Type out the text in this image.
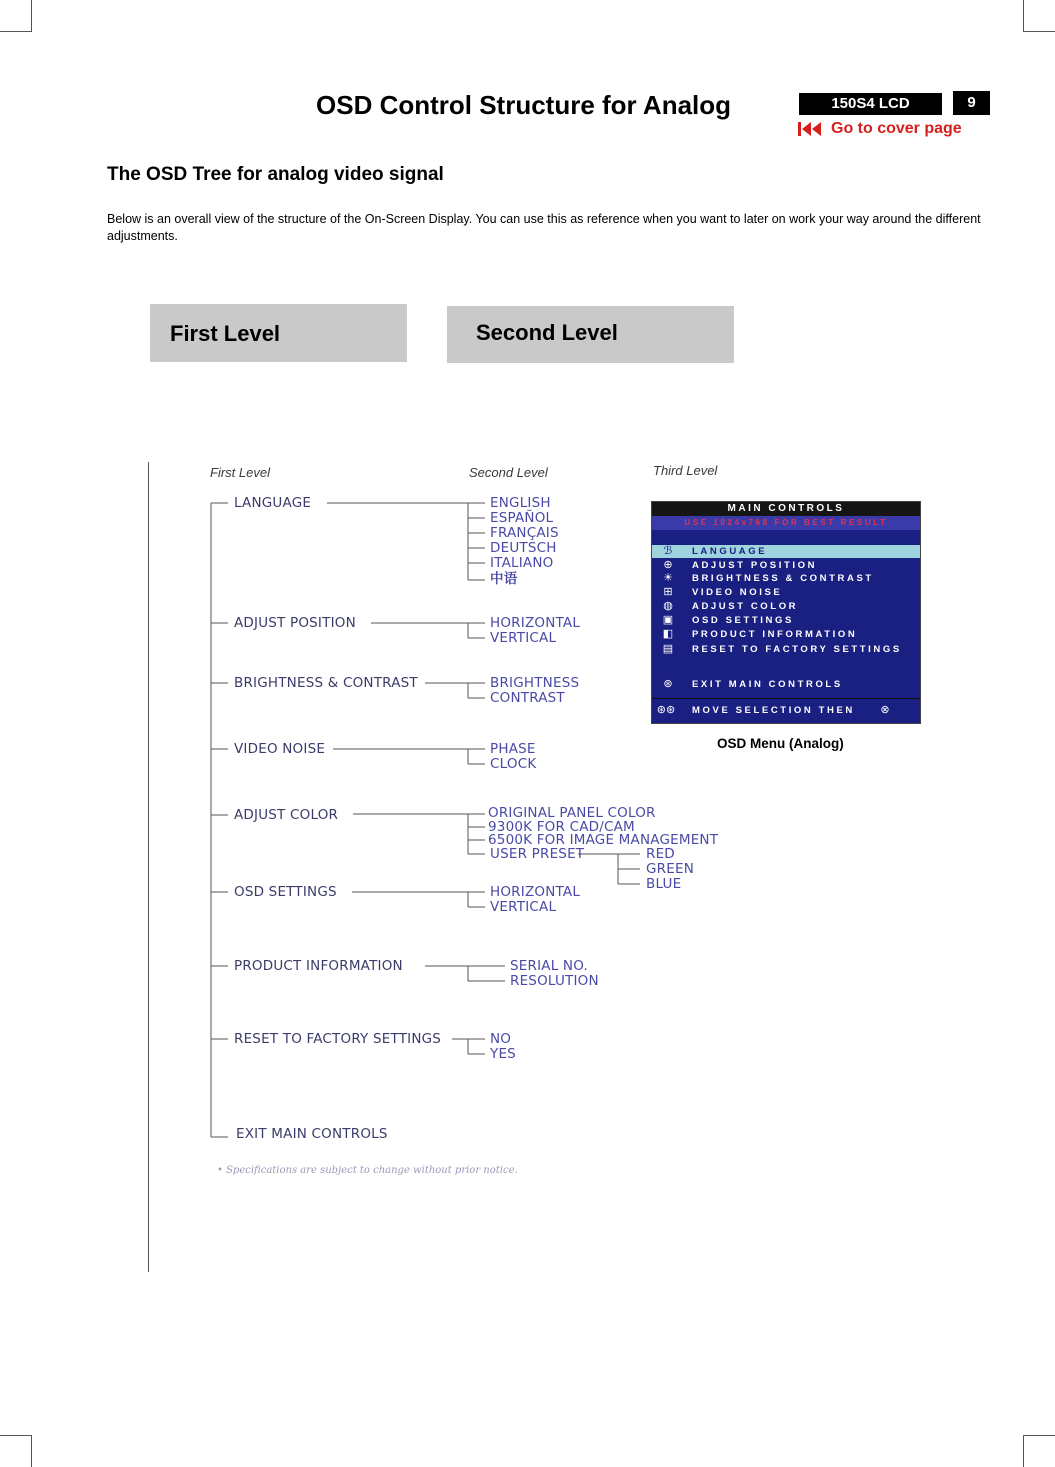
OSD Control Structure for Analog	150S4 LCD	9
Go to cover page
The OSD Tree for analog video signal
Below is an overall view of the structure of the On-Screen Display. You can use this as reference when you want to later on work your way around the different adjustments.
First Level	Second Level
First Level	Second Level	Third Level
LANGUAGE
ADJUST POSITION
BRIGHTNESS & CONTRAST
VIDEO NOISE
ADJUST COLOR
OSD SETTINGS
PRODUCT INFORMATION
RESET TO FACTORY SETTINGS
EXIT MAIN CONTROLS
ENGLISH
ESPAÑOL
FRANÇAIS
DEUTSCH
ITALIANO
中语
HORIZONTAL
VERTICAL
BRIGHTNESS
CONTRAST
PHASE
CLOCK
ORIGINAL PANEL COLOR
9300K FOR CAD/CAM
6500K FOR IMAGE MANAGEMENT
USER PRESET	RED
GREEN
BLUE
HORIZONTAL
VERTICAL
SERIAL NO.
RESOLUTION
NO
YES
• Specifications are subject to change without prior notice.
MAIN CONTROLS
USE 1024x768 FOR BEST RESULT
ℬ LANGUAGE
⊕ ADJUST POSITION
☀ BRIGHTNESS & CONTRAST
⊞ VIDEO NOISE
◍ ADJUST COLOR
▣ OSD SETTINGS
◧ PRODUCT INFORMATION
▤ RESET TO FACTORY SETTINGS
⊛ EXIT MAIN CONTROLS
⊛⊛	MOVE SELECTION THEN ⊗
OSD Menu (Analog)
